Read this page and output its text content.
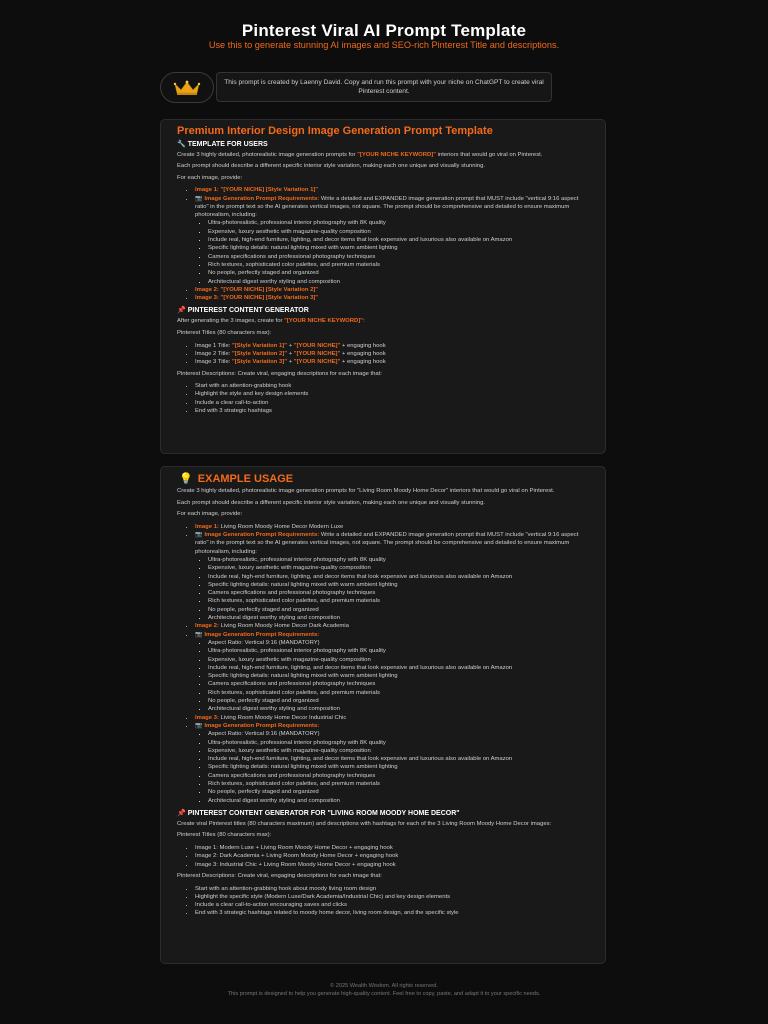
Pinterest Viral AI Prompt Template
Use this to generate stunning AI images and SEO-rich Pinterest Title and descriptions.
This prompt is created by Laenny David. Copy and run this prompt with your niche on ChatGPT to create viral Pinterest content.
Premium Interior Design Image Generation Prompt Template
🔧 TEMPLATE FOR USERS

Create 3 highly detailed, photorealistic image generation prompts for "[YOUR NICHE KEYWORD]" interiors that would go viral on Pinterest.

Each prompt should describe a different specific interior style variation, making each one unique and visually stunning.

For each image, provide:

• Image 1: "[YOUR NICHE] [Style Variation 1]"
• 📷 Image Generation Prompt Requirements: Write a detailed and EXPANDED image generation prompt that MUST include "vertical 9:16 aspect ratio" in the prompt text so the AI generates vertical images, not square. The prompt should be comprehensive and detailed to ensure maximum photorealism, including:
▪ Ultra-photorealistic, professional interior photography with 8K quality
▪ Expensive, luxury aesthetic with magazine-quality composition
▪ Include real, high-end furniture, lighting, and decor items that look expensive and luxurious also available on Amazon
▪ Specific lighting details: natural lighting mixed with warm ambient lighting
▪ Camera specifications and professional photography techniques
▪ Rich textures, sophisticated color palettes, and premium materials
▪ No people, perfectly staged and organized
▪ Architectural digest worthy styling and composition
• Image 2: "[YOUR NICHE] [Style Variation 2]"
• Image 3: "[YOUR NICHE] [Style Variation 3]"
📌 PINTEREST CONTENT GENERATOR

After generating the 3 images, create for "[YOUR NICHE KEYWORD]":

Pinterest Titles (80 characters max):

• Image 1 Title: "[Style Variation 1]" + "[YOUR NICHE]" + engaging hook
• Image 2 Title: "[Style Variation 2]" + "[YOUR NICHE]" + engaging hook
• Image 3 Title: "[Style Variation 3]" + "[YOUR NICHE]" + engaging hook

Pinterest Descriptions: Create viral, engaging descriptions for each image that:

• Start with an attention-grabbing hook
• Highlight the style and key design elements
• Include a clear call-to-action
• End with 3 strategic hashtags
💡 EXAMPLE USAGE

Create 3 highly detailed, photorealistic image generation prompts for "Living Room Moody Home Decor" interiors that would go viral on Pinterest.

Each prompt should describe a different specific interior style variation, making each one unique and visually stunning.

For each image, provide:

• Image 1: Living Room Moody Home Decor Modern Luxe
• 📷 Image Generation Prompt Requirements: Write a detailed and EXPANDED image generation prompt that MUST include "vertical 9:16 aspect ratio" in the prompt text so the AI generates vertical images, not square. The prompt should be comprehensive and detailed to ensure maximum photorealism, including:
▪ Ultra-photorealistic, professional interior photography with 8K quality
▪ Expensive, luxury aesthetic with magazine-quality composition
▪ Include real, high-end furniture, lighting, and decor items that look expensive and luxurious also available on Amazon
▪ Specific lighting details: natural lighting mixed with warm ambient lighting
▪ Camera specifications and professional photography techniques
▪ Rich textures, sophisticated color palettes, and premium materials
▪ No people, perfectly staged and organized
▪ Architectural digest worthy styling and composition
• Image 2: Living Room Moody Home Decor Dark Academia
• 📷 Image Generation Prompt Requirements:
▪ Aspect Ratio: Vertical 9:16 (MANDATORY)
▪ Ultra-photorealistic, professional interior photography with 8K quality
▪ Expensive, luxury aesthetic with magazine-quality composition
▪ Include real, high-end furniture, lighting, and decor items that look expensive and luxurious also available on Amazon
▪ Specific lighting details: natural lighting mixed with warm ambient lighting
▪ Camera specifications and professional photography techniques
▪ Rich textures, sophisticated color palettes, and premium materials
▪ No people, perfectly staged and organized
▪ Architectural digest worthy styling and composition
• Image 3: Living Room Moody Home Decor Industrial Chic
• 📷 Image Generation Prompt Requirements:
▪ Aspect Ratio: Vertical 9:16 (MANDATORY)
▪ Ultra-photorealistic, professional interior photography with 8K quality
▪ Expensive, luxury aesthetic with magazine-quality composition
▪ Include real, high-end furniture, lighting, and decor items that look expensive and luxurious also available on Amazon
▪ Specific lighting details: natural lighting mixed with warm ambient lighting
▪ Camera specifications and professional photography techniques
▪ Rich textures, sophisticated color palettes, and premium materials
▪ No people, perfectly staged and organized
▪ Architectural digest worthy styling and composition
📌 PINTEREST CONTENT GENERATOR FOR "LIVING ROOM MOODY HOME DECOR"

Create viral Pinterest titles (80 characters maximum) and descriptions with hashtags for each of the 3 Living Room Moody Home Decor images:

Pinterest Titles (80 characters max):

• Image 1: Modern Luxe + Living Room Moody Home Decor + engaging hook
• Image 2: Dark Academia + Living Room Moody Home Decor + engaging hook
• Image 3: Industrial Chic + Living Room Moody Home Decor + engaging hook

Pinterest Descriptions: Create viral, engaging descriptions for each image that:

• Start with an attention-grabbing hook about moody living room design
• Highlight the specific style (Modern Luxe/Dark Academia/Industrial Chic) and key design elements
• Include a clear call-to-action encouraging saves and clicks
• End with 3 strategic hashtags related to moody home decor, living room design, and the specific style
© 2025 Wealth Wisdom. All rights reserved.
This prompt is designed to help you generate high-quality content. Feel free to copy, paste, and adapt it to your specific needs.
